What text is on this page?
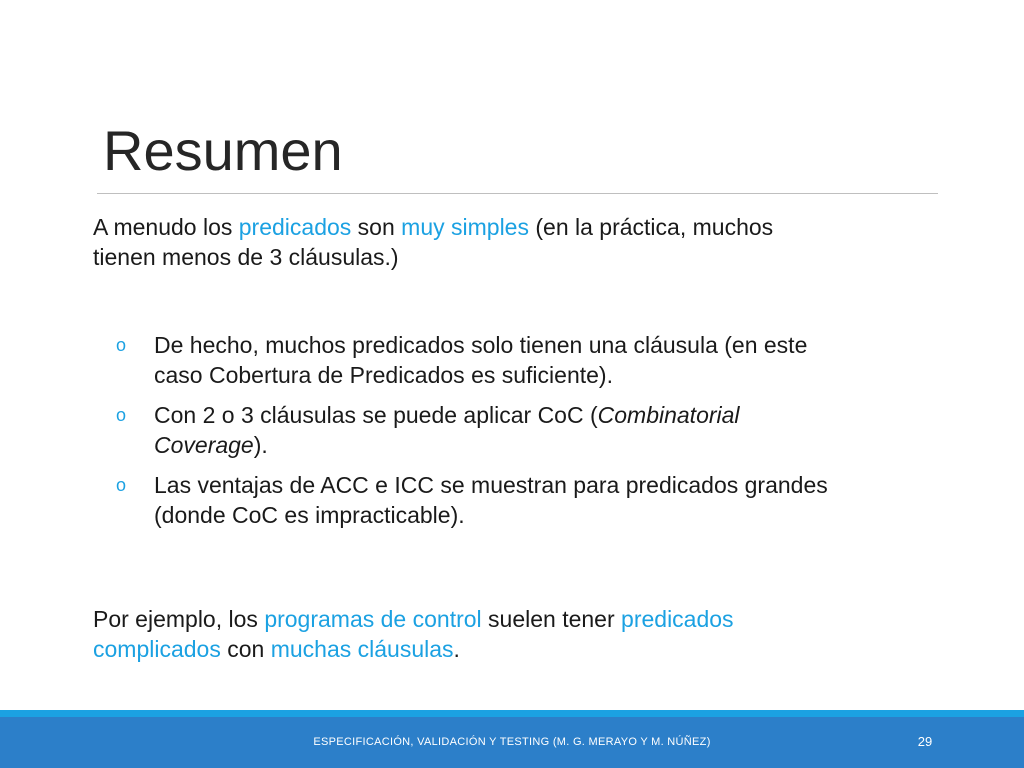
Resumen

A menudo los predicados son muy simples (en la práctica, muchos
tienen menos de 3 cláusulas.)

o	De hecho, muchos predicados solo tienen una cláusula (en este
caso Cobertura de Predicados es suficiente).
o	Con 2 o 3 cláusulas se puede aplicar CoC (Combinatorial
Coverage).
o	Las ventajas de ACC e ICC se muestran para predicados grandes
(donde CoC es impracticable).

Por ejemplo, los programas de control suelen tener predicados
complicados con muchas cláusulas.

ESPECIFICACIÓN, VALIDACIÓN Y TESTING (M. G. MERAYO Y M. NÚÑEZ)	29
